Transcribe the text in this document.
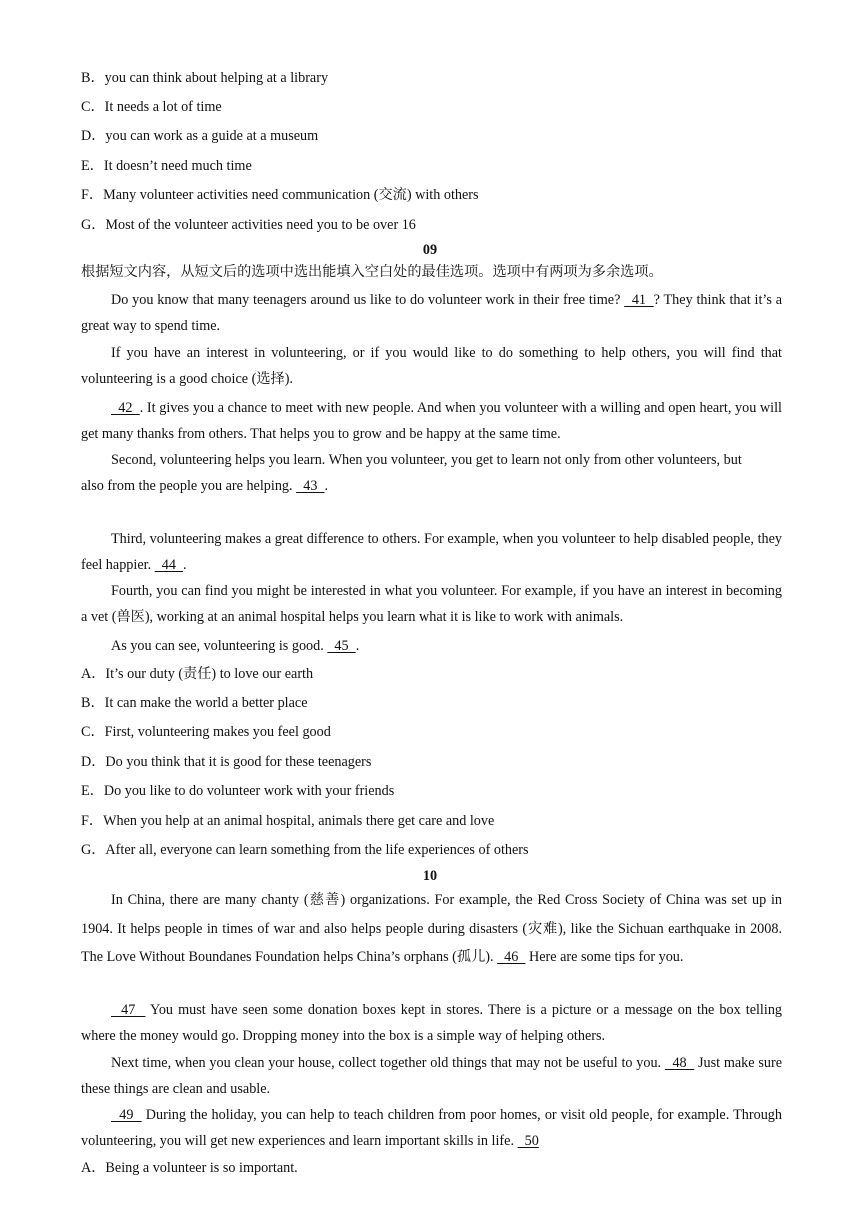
B．you can think about helping at a library
C．It needs a lot of time
D．you can work as a guide at a museum
E．It doesn’t need much time
F．Many volunteer activities need communication (交流) with others
G．Most of the volunteer activities need you to be over 16
09
根据短文内容，从短文后的选项中选出能填入空白处的最佳选项。选项中有两项为多余选项。
Do you know that many teenagers around us like to do volunteer work in their free time?   41  ? They think that it’s a great way to spend time.
If you have an interest in volunteering, or if you would like to do something to help others, you will find that volunteering is a good choice (选择).
42  . It gives you a chance to meet with new people. And when you volunteer with a willing and open heart, you will get many thanks from others. That helps you to grow and be happy at the same time.
Second, volunteering helps you learn. When you volunteer, you get to learn not only from other volunteers, but
also from the people you are helping.   43  .
Third, volunteering makes a great difference to others. For example, when you volunteer to help disabled people, they feel happier.   44  .
Fourth, you can find you might be interested in what you volunteer. For example, if you have an interest in becoming a vet (兽医), working at an animal hospital helps you learn what it is like to work with animals.
As you can see, volunteering is good.   45  .
A．It’s our duty (责任) to love our earth
B．It can make the world a better place
C．First, volunteering makes you feel good
D．Do you think that it is good for these teenagers
E．Do you like to do volunteer work with your friends
F．When you help at an animal hospital, animals there get care and love
G．After all, everyone can learn something from the life experiences of others
10
In China, there are many chanty (慈善) organizations. For example, the Red Cross Society of China was set up in 1904. It helps people in times of war and also helps people during disasters (灾难), like the Sichuan earthquake in 2008. The Love Without Boundanes Foundation helps China’s orphans (孤儿).   46   Here are some tips for you.
47   You must have seen some donation boxes kept in stores. There is a picture or a message on the box telling where the money would go. Dropping money into the box is a simple way of helping others.
Next time, when you clean your house, collect together old things that may not be useful to you.   48   Just make sure these things are clean and usable.
49   During the holiday, you can help to teach children from poor homes, or visit old people, for example. Through volunteering, you will get new experiences and learn important skills in life.   50
A．Being a volunteer is so important.
